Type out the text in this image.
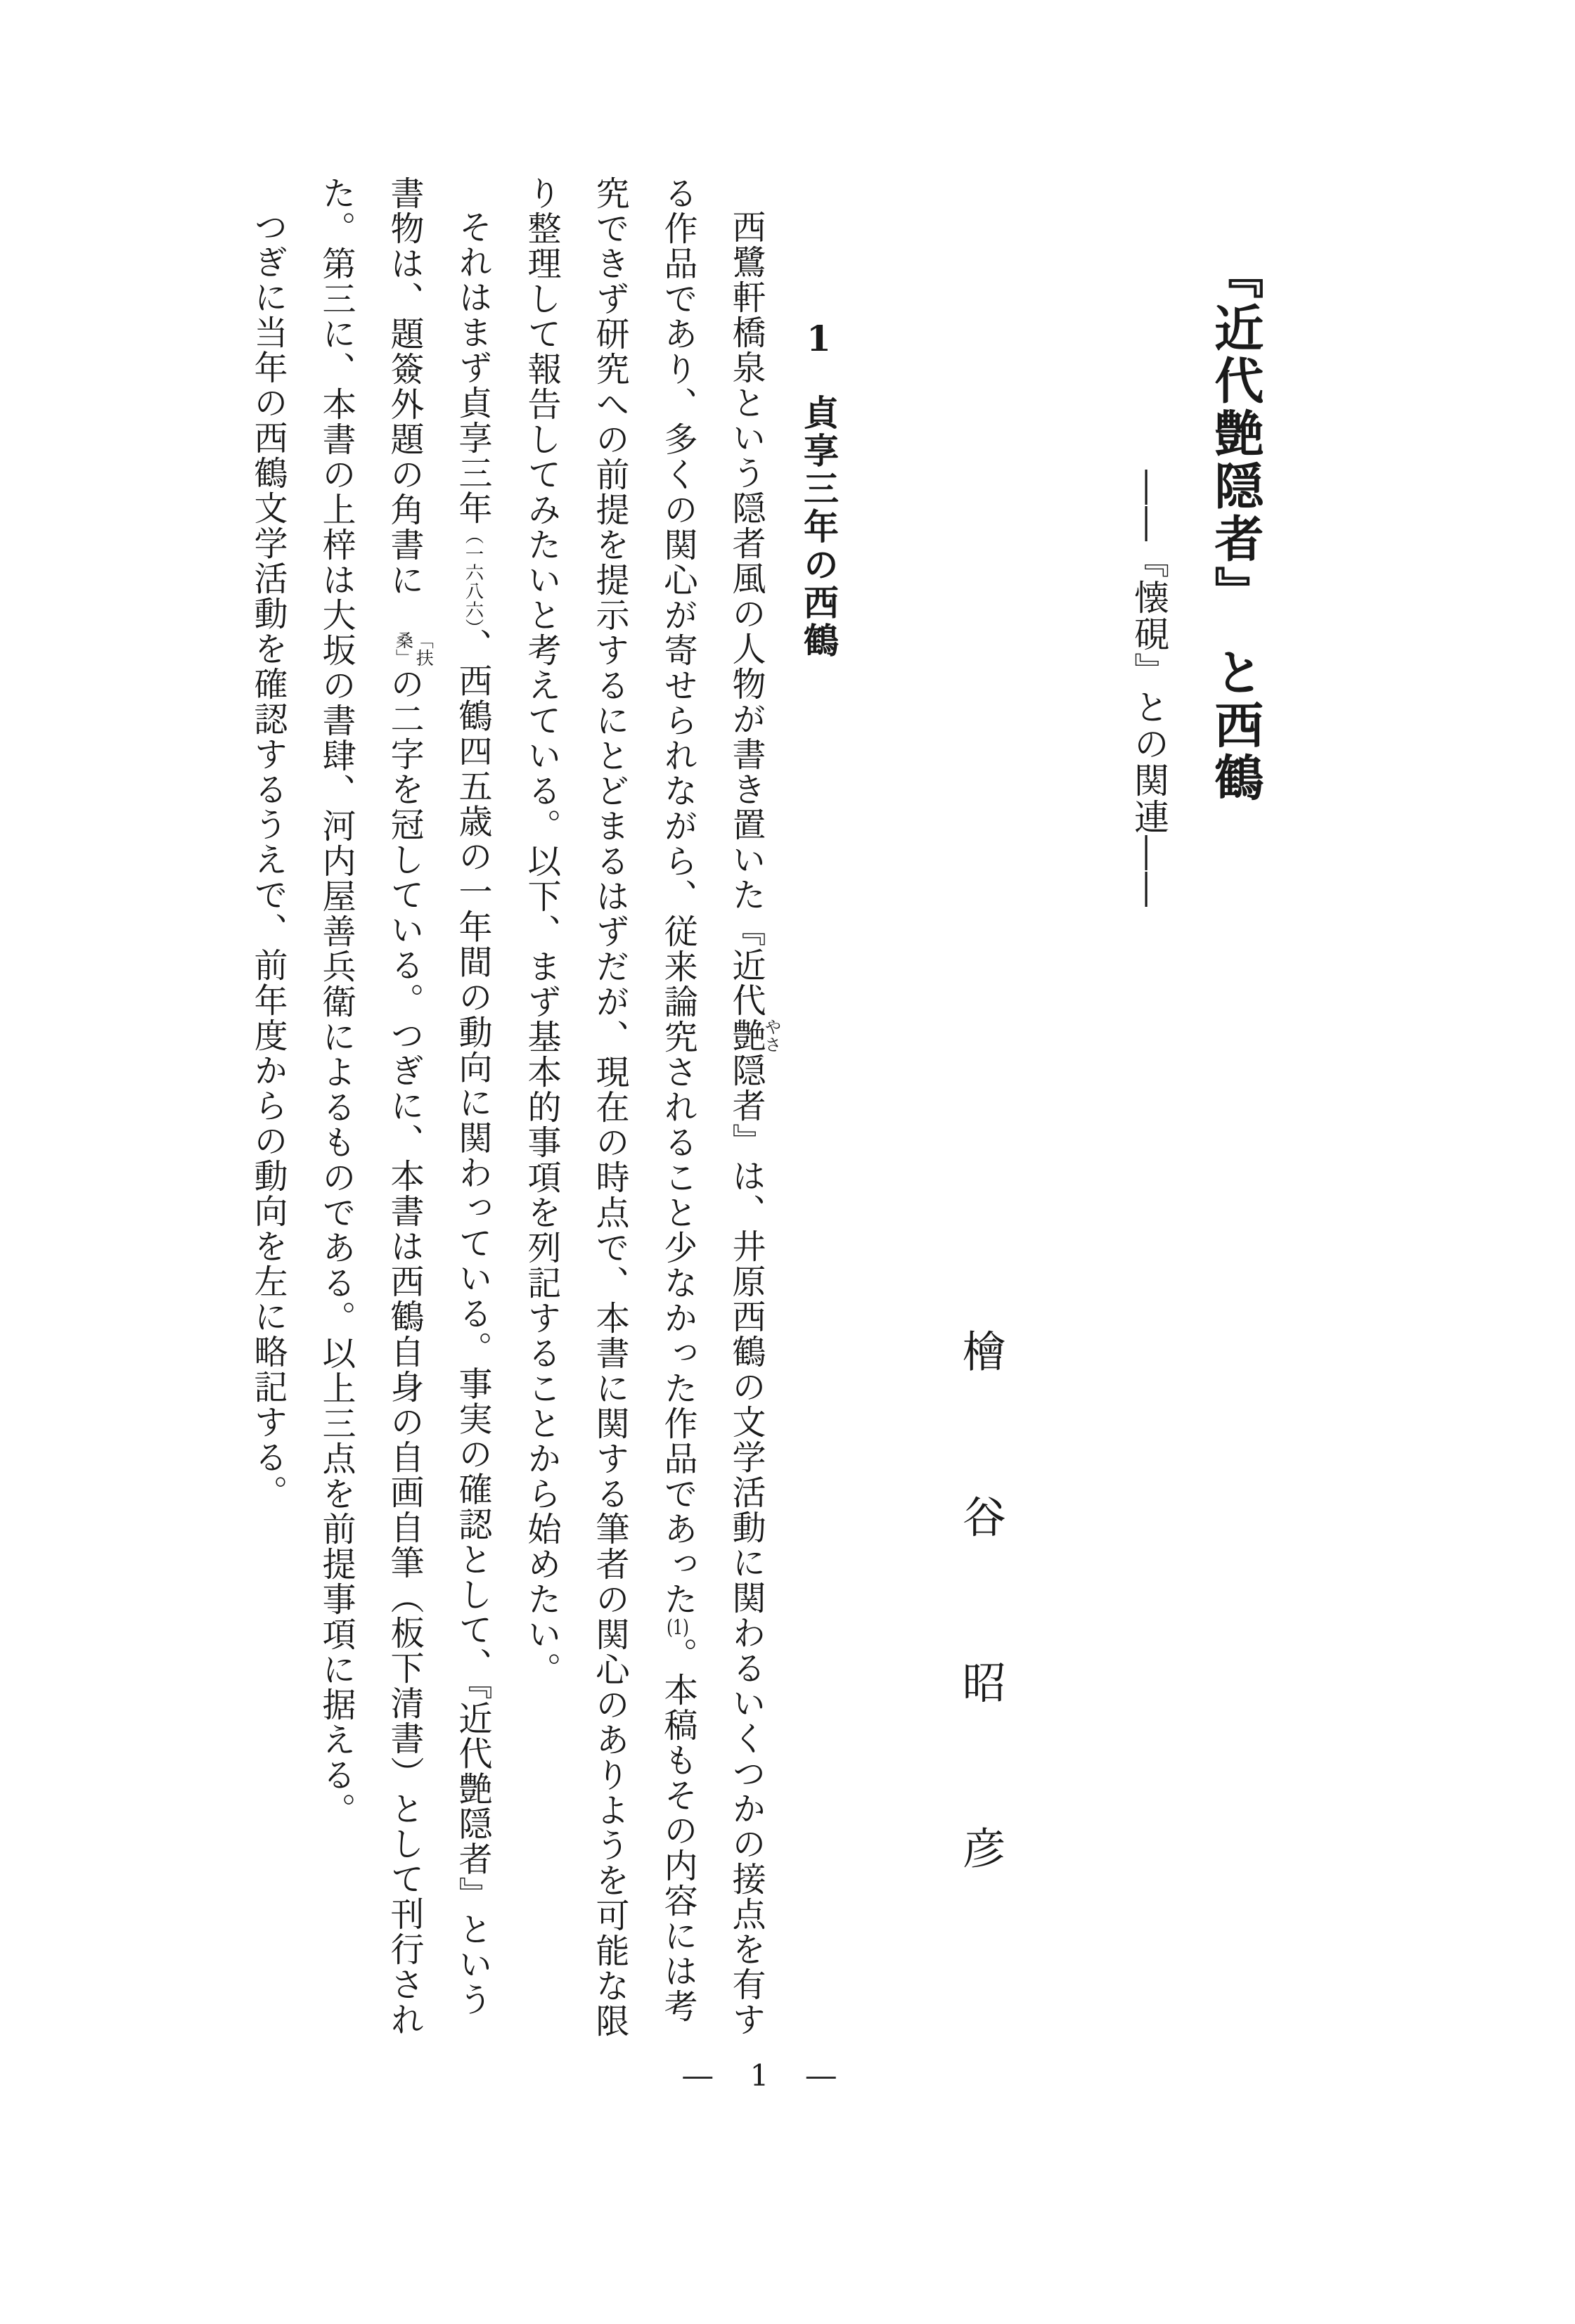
『近代艶隠者』　と西鶴
――『懐硯』との関連――
檜谷昭彦
1貞享三年の西鶴

西鷺軒橋泉という隠者風の人物が書き置いた『近代艶やさ隠者』は、井原西鶴の文学活動に関わるいくつかの接点を有する作品であり、多くの関心が寄せられながら、従来論究されること少なかった作品であった(1)。本稿もその内容には考究できず研究への前提を提示するにとどまるはずだが、現在の時点で、本書に関する筆者の関心のありようを可能な限り整理して報告してみたいと考えている。以下、まず基本的事項を列記することから始めたい。

それはまず貞享三年（一六八六）、西鶴四五歳の一年間の動向に関わっている。事実の確認として、『近代艶隠者』という書物は、題簽外題の角書に
「扶
桑」
の二字を冠している。つぎに、本書は西鶴自身の自画自筆（板下清書）として刊行された。第三に、本書の上梓は大坂の書肆、河内屋善兵衛によるものである。以上三点を前提事項に据える。

つぎに当年の西鶴文学活動を確認するうえで、前年度からの動向を左に略記する。

― 1 ―
